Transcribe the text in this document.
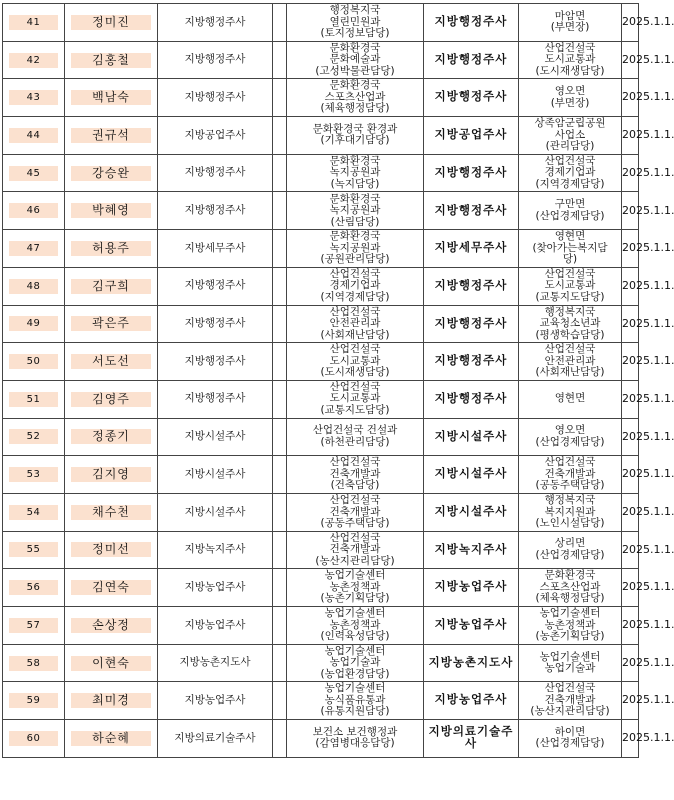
41	정미진	지방행정주사		행정복지국
열린민원과
(토지정보담당)	지방행정주사	마암면
(부면장)	2025.1.1.

42	김홍철	지방행정주사		문화환경국
문화예술과
(고성박물관담당)	지방행정주사	산업건설국
도시교통과
(도시재생담당)	2025.1.1.

43	백남숙	지방행정주사		문화환경국
스포츠산업과
(체육행정담당)	지방행정주사	영오면
(부면장)	2025.1.1.

44	권규석	지방공업주사		문화환경국 환경과
(기후대기담당)	지방공업주사	상족암군립공원
사업소
(관리담당)	2025.1.1.

45	강승완	지방행정주사		문화환경국
녹지공원과
(녹지담당)	지방행정주사	산업건설국
경제기업과
(지역경제담당)	2025.1.1.

46	박혜영	지방행정주사		문화환경국
녹지공원과
(산림담당)	지방행정주사	구만면
(산업경제담당)	2025.1.1.

47	허용주	지방세무주사		문화환경국
녹지공원과
(공원관리담당)	지방세무주사	영현면
(찾아가는복지담
당)	2025.1.1.

48	김구희	지방행정주사		산업건설국
경제기업과
(지역경제담당)	지방행정주사	산업건설국
도시교통과
(교통지도담당)	2025.1.1.

49	곽은주	지방행정주사		산업건설국
안전관리과
(사회재난담당)	지방행정주사	행정복지국
교육청소년과
(평생학습담당)	2025.1.1.

50	서도선	지방행정주사		산업건설국
도시교통과
(도시재생담당)	지방행정주사	산업건설국
안전관리과
(사회재난담당)	2025.1.1.

51	김영주	지방행정주사		산업건설국
도시교통과
(교통지도담당)	지방행정주사	영현면	2025.1.1.

52	정종기	지방시설주사		산업건설국 건설과
(하천관리담당)	지방시설주사	영오면
(산업경제담당)	2025.1.1.

53	김지영	지방시설주사		산업건설국
건축개발과
(건축담당)	지방시설주사	산업건설국
건축개발과
(공동주택담당)	2025.1.1.

54	채수천	지방시설주사		산업건설국
건축개발과
(공동주택담당)	지방시설주사	행정복지국
복지지원과
(노인시설담당)	2025.1.1.

55	정미선	지방녹지주사		산업건설국
건축개발과
(농산지관리담당)	지방녹지주사	상리면
(산업경제담당)	2025.1.1.

56	김연숙	지방농업주사		농업기술센터
농촌정책과
(농촌기획담당)	지방농업주사	문화환경국
스포츠산업과
(체육행정담당)	2025.1.1.

57	손상정	지방농업주사		농업기술센터
농촌정책과
(인력육성담당)	지방농업주사	농업기술센터
농촌정책과
(농촌기획담당)	2025.1.1.

58	이현숙	지방농촌지도사		농업기술센터
농업기술과
(농업환경담당)	지방농촌지도사	농업기술센터
농업기술과	2025.1.1.

59	최미경	지방농업주사		농업기술센터
농식품유통과
(유통지원담당)	지방농업주사	산업건설국
건축개발과
(농산지관리담당)	2025.1.1.

60	하순혜	지방의료기술주사		보건소 보건행정과
(감염병대응담당)	지방의료기술주사	하이면
(산업경제담당)	2025.1.1.
